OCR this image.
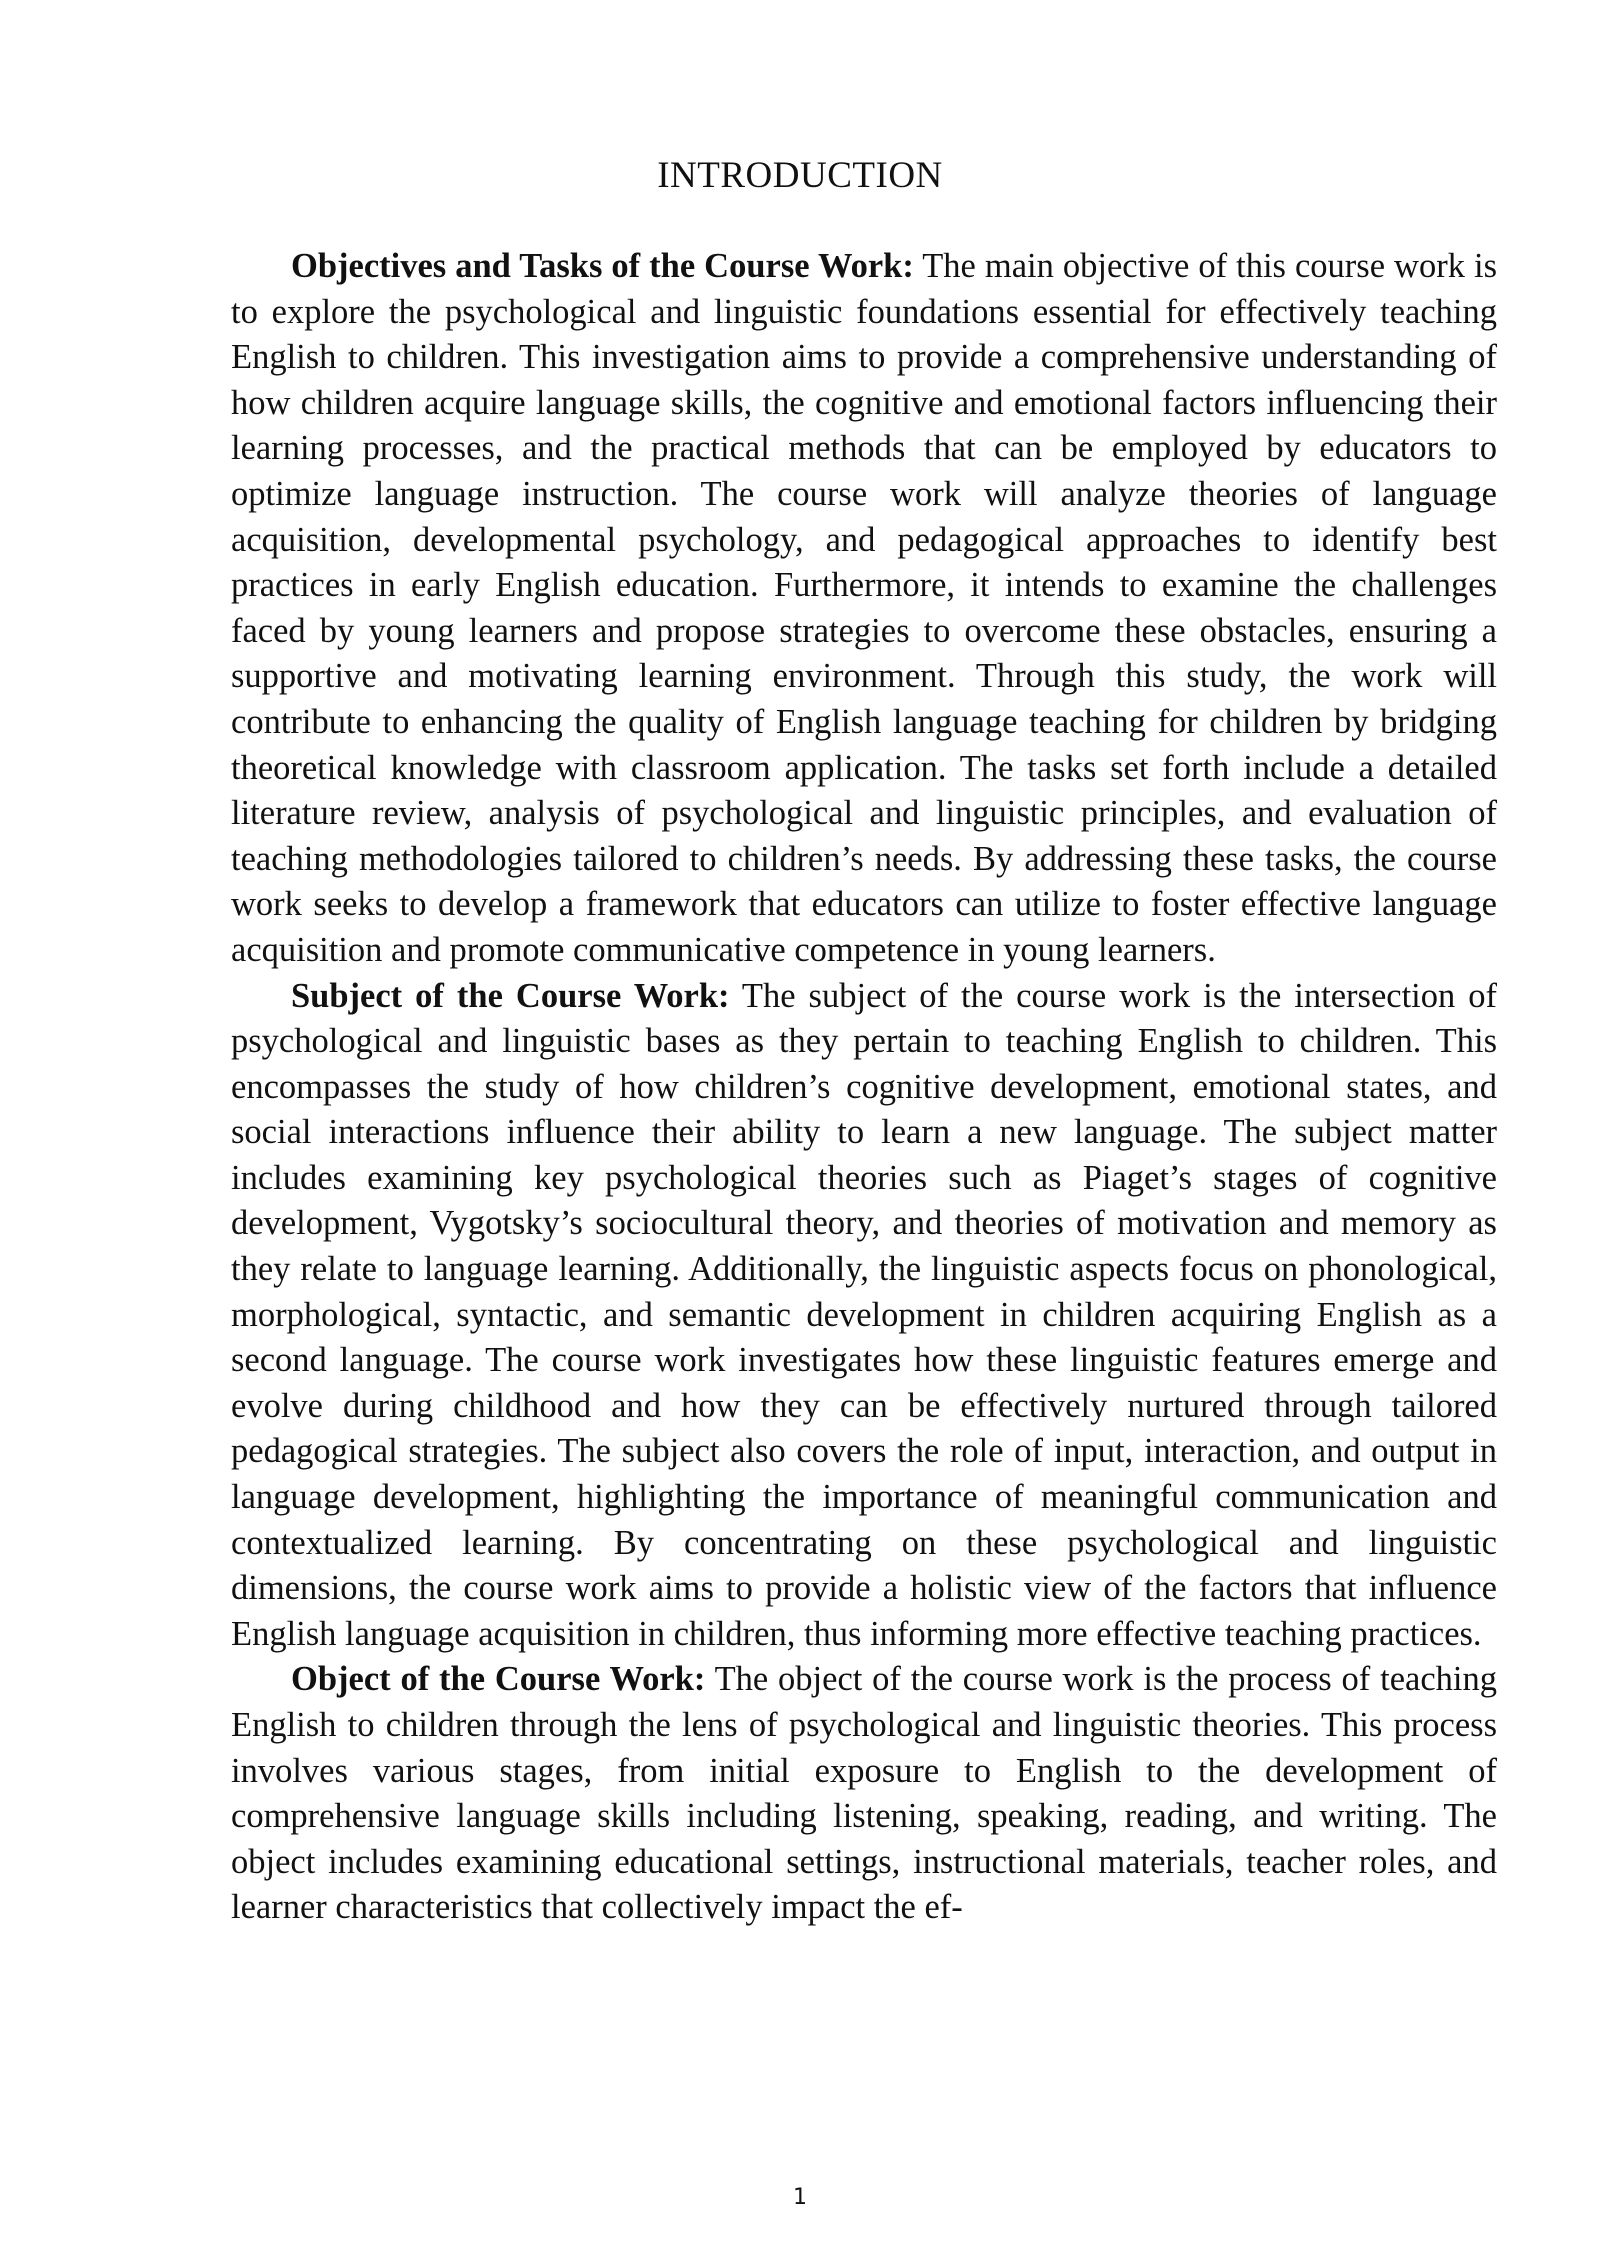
INTRODUCTION

Objectives and Tasks of the Course Work: The main objective of this course work is to explore the psychological and linguistic foundations essential for effectively teaching English to children. This investigation aims to provide a comprehensive understanding of how children acquire language skills, the cognitive and emotional factors influencing their learning processes, and the practical methods that can be employed by educators to optimize language instruction. The course work will analyze theories of language acquisition, developmental psychology, and pedagogical approaches to identify best practices in early English education. Furthermore, it intends to examine the challenges faced by young learners and propose strategies to overcome these obstacles, ensuring a supportive and motivating learning environment. Through this study, the work will contribute to enhancing the quality of English language teaching for children by bridging theoretical knowledge with classroom application. The tasks set forth include a detailed literature review, analysis of psychological and linguistic principles, and evaluation of teaching methodologies tailored to children’s needs. By addressing these tasks, the course work seeks to develop a framework that educators can utilize to foster effective language acquisition and promote communicative competence in young learners.

Subject of the Course Work: The subject of the course work is the intersection of psychological and linguistic bases as they pertain to teaching English to children. This encompasses the study of how children’s cognitive development, emotional states, and social interactions influence their ability to learn a new language. The subject matter includes examining key psychological theories such as Piaget’s stages of cognitive development, Vygotsky’s sociocultural theory, and theories of motivation and memory as they relate to language learning. Additionally, the linguistic aspects focus on phonological, morphological, syntactic, and semantic development in children acquiring English as a second language. The course work investigates how these linguistic features emerge and evolve during childhood and how they can be effectively nurtured through tailored pedagogical strategies. The subject also covers the role of input, interaction, and output in language development, highlighting the importance of meaningful communication and contextualized learning. By concentrating on these psychological and linguistic dimensions, the course work aims to provide a holistic view of the factors that influence English language acquisition in children, thus informing more effective teaching practices.

Object of the Course Work: The object of the course work is the process of teaching English to children through the lens of psychological and linguistic theories. This process involves various stages, from initial exposure to English to the development of comprehensive language skills including listening, speaking, reading, and writing. The object includes examining educational settings, instructional materials, teacher roles, and learner characteristics that collectively impact the ef-

1
